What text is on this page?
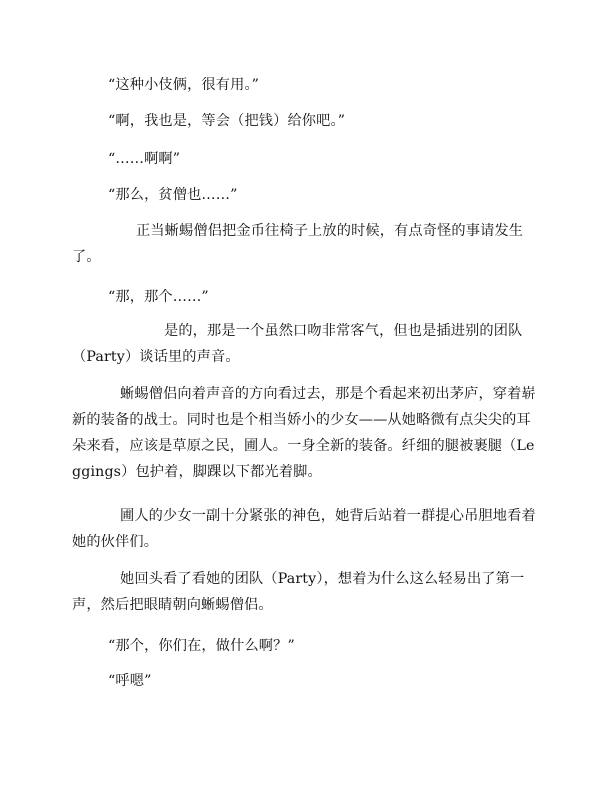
“这种小伎俩，很有用。”

“啊，我也是，等会（把钱）给你吧。”

“……啊啊”

“那么，贫僧也……”

正当蜥蜴僧侣把金币往椅子上放的时候，有点奇怪的事请发生了。

“那，那个……”

是的，那是一个虽然口吻非常客气，但也是插进别的团队（Party）谈话里的声音。

蜥蜴僧侣向着声音的方向看过去，那是个看起来初出茅庐，穿着崭新的装备的战士。同时也是个相当娇小的少女——从她略微有点尖尖的耳朵来看，应该是草原之民，圃人。一身全新的装备。纤细的腿被裹腿（Leggings）包护着，脚踝以下都光着脚。

圃人的少女一副十分紧张的神色，她背后站着一群提心吊胆地看着她的伙伴们。

她回头看了看她的团队（Party），想着为什么这么轻易出了第一声，然后把眼睛朝向蜥蜴僧侣。

“那个，你们在，做什么啊？”

“呼嗯”
